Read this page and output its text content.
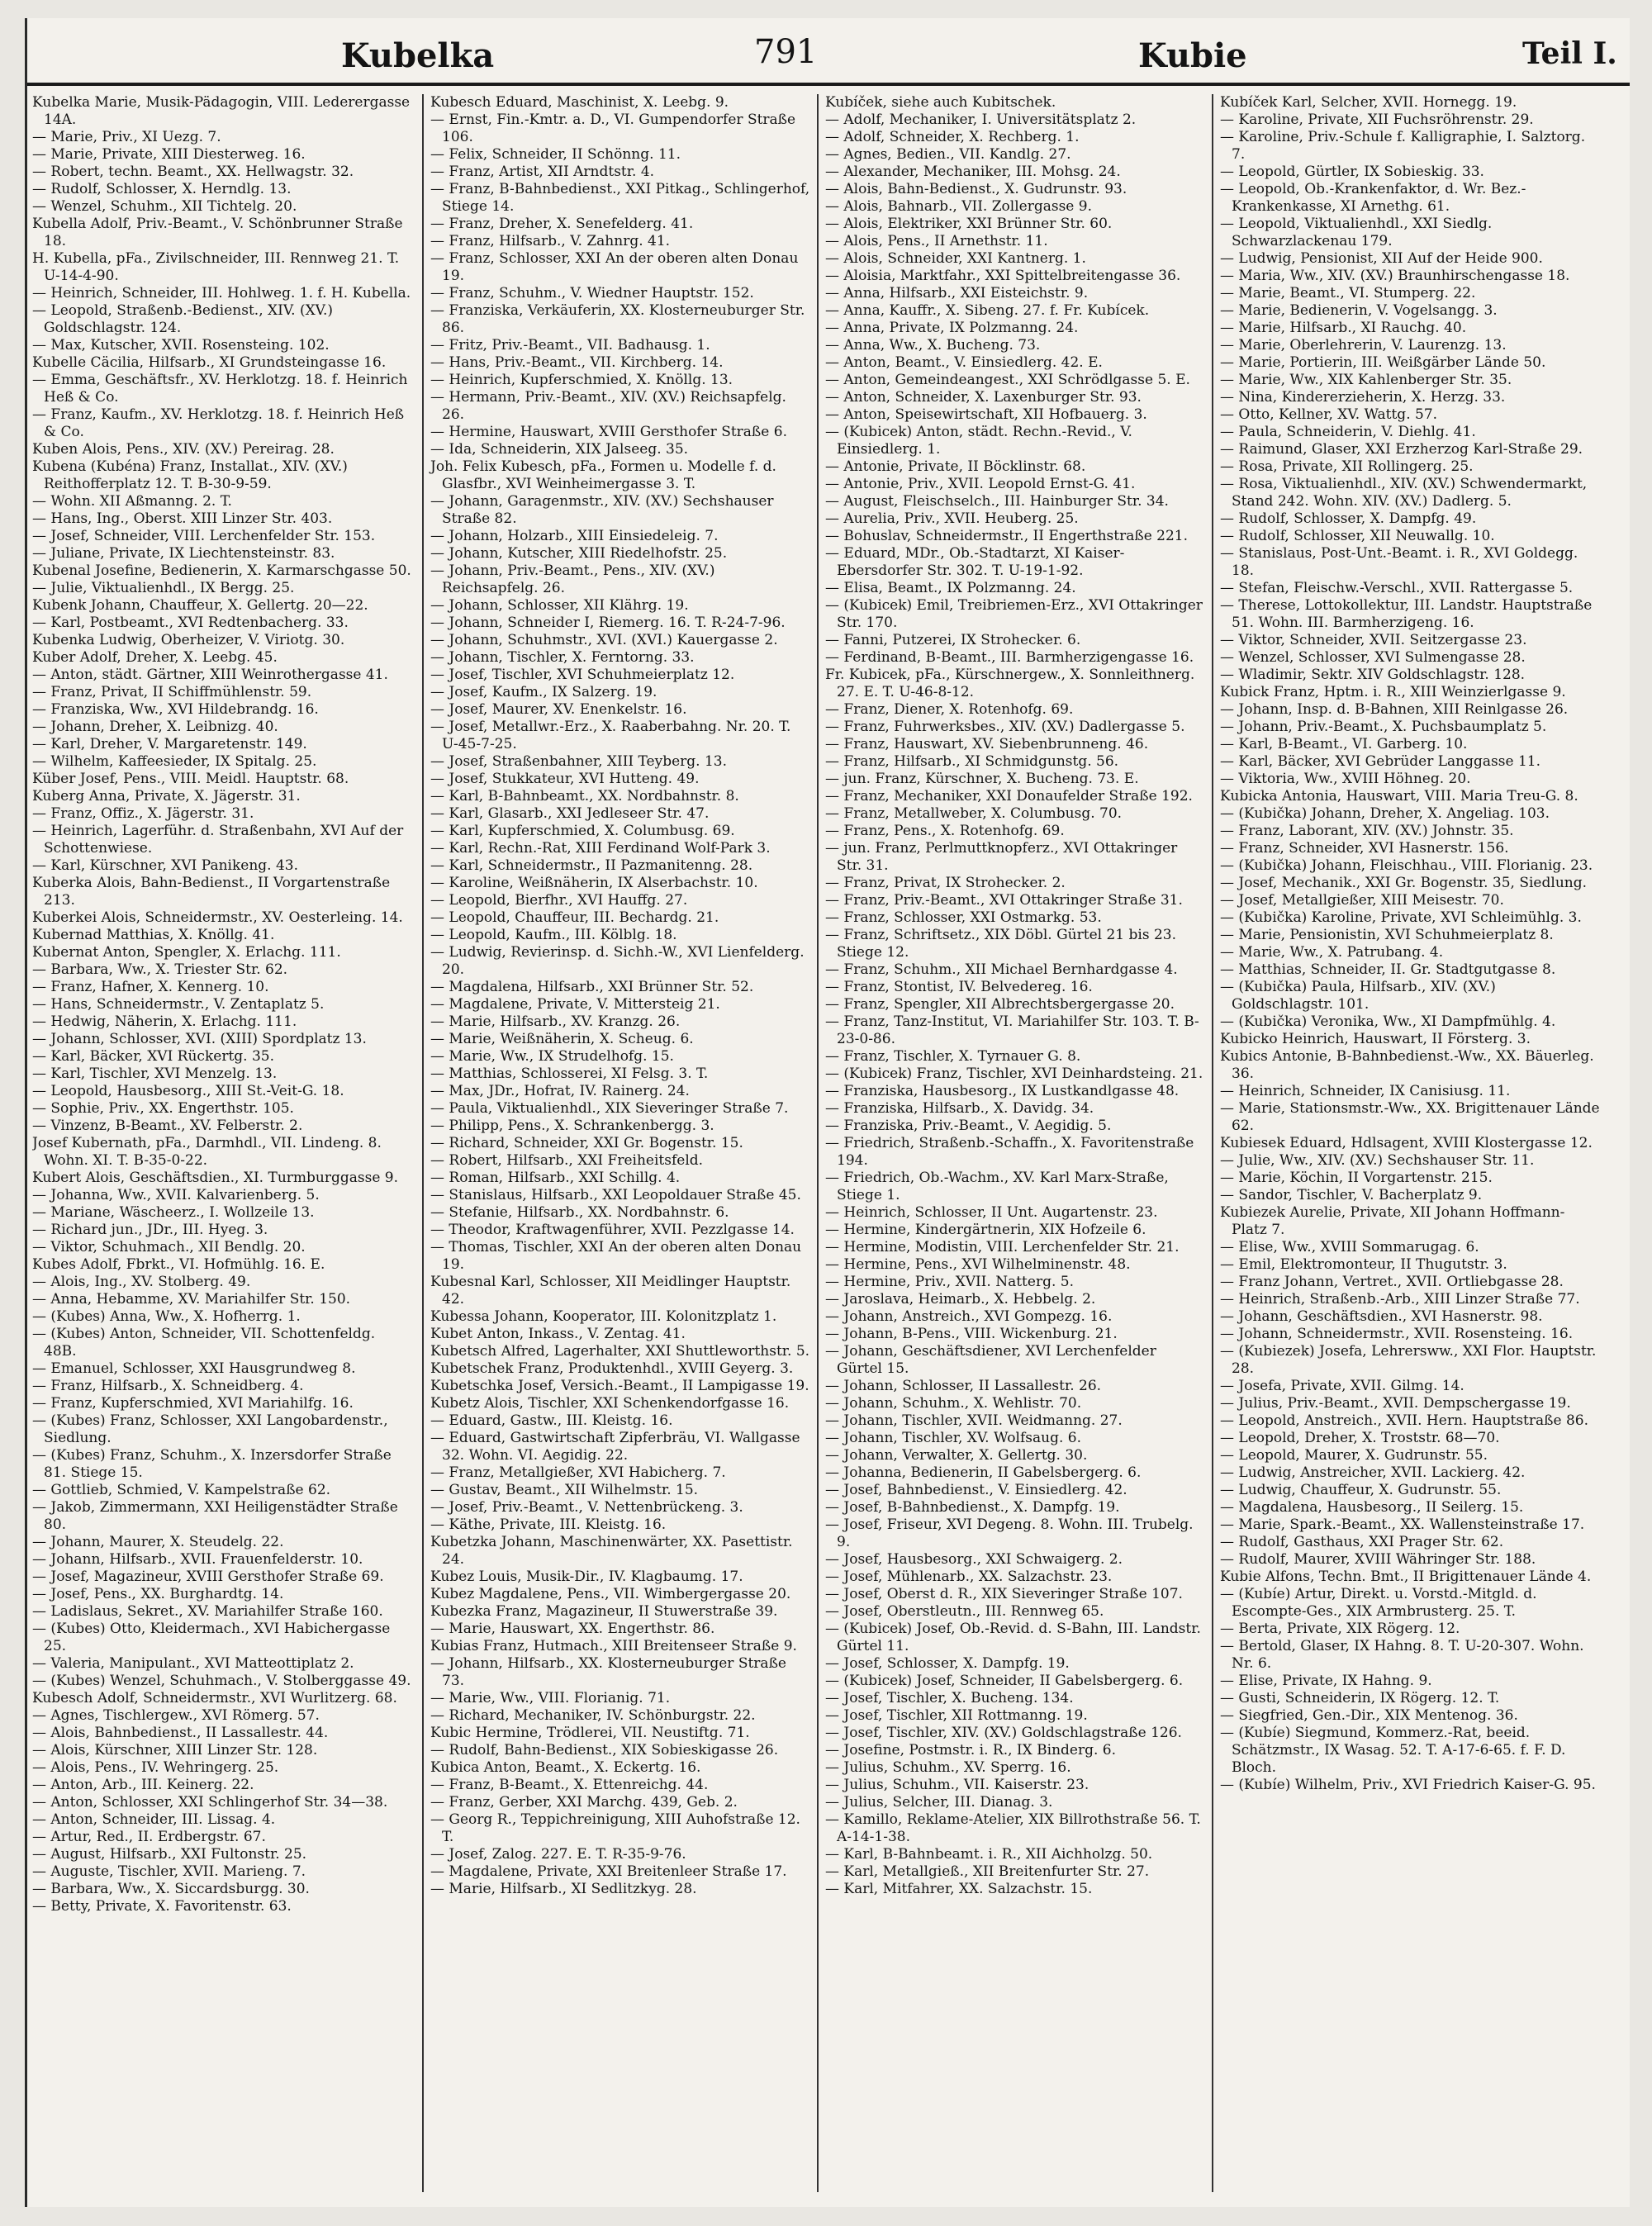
Kubelka	791	Kubie	Teil I.

Kubelka Marie, Musik-Pädagogin, VIII. Lederergasse 14A.

— Marie, Priv., XI Uezg. 7.

— Marie, Private, XIII Diesterweg. 16.

— Robert, techn. Beamt., XX. Hellwagstr. 32.

— Rudolf, Schlosser, X. Herndlg. 13.

— Wenzel, Schuhm., XII Tichtelg. 20.

Kubella Adolf, Priv.-Beamt., V. Schönbrunner Straße 18.

H. Kubella, pFa., Zivilschneider, III. Rennweg 21. T. U-14-4-90.

— Heinrich, Schneider, III. Hohlweg. 1. f. H. Kubella.

— Leopold, Straßenb.-Bedienst., XIV. (XV.) Goldschlagstr. 124.

— Max, Kutscher, XVII. Rosensteing. 102.

Kubelle Cäcilia, Hilfsarb., XI Grundsteingasse 16.

— Emma, Geschäftsfr., XV. Herklotzg. 18. f. Heinrich Heß & Co.

— Franz, Kaufm., XV. Herklotzg. 18. f. Heinrich Heß & Co.

Kuben Alois, Pens., XIV. (XV.) Pereirag. 28.

Kubena (Kubéna) Franz, Installat., XIV. (XV.) Reithofferplatz 12. T. B-30-9-59.

— Wohn. XII Aßmanng. 2. T.

— Hans, Ing., Oberst. XIII Linzer Str. 403.

— Josef, Schneider, VIII. Lerchenfelder Str. 153.

— Juliane, Private, IX Liechtensteinstr. 83.

Kubenal Josefine, Bedienerin, X. Karmarschgasse 50.

— Julie, Viktualienhdl., IX Bergg. 25.

Kubenk Johann, Chauffeur, X. Gellertg. 20—22.

— Karl, Postbeamt., XVI Redtenbacherg. 33.

Kubenka Ludwig, Oberheizer, V. Viriotg. 30.

Kuber Adolf, Dreher, X. Leebg. 45.

— Anton, städt. Gärtner, XIII Weinrothergasse 41.

— Franz, Privat, II Schiffmühlenstr. 59.

— Franziska, Ww., XVI Hildebrandg. 16.

— Johann, Dreher, X. Leibnizg. 40.

— Karl, Dreher, V. Margaretenstr. 149.

— Wilhelm, Kaffeesieder, IX Spitalg. 25.

Küber Josef, Pens., VIII. Meidl. Hauptstr. 68.

Kuberg Anna, Private, X. Jägerstr. 31.

— Franz, Offiz., X. Jägerstr. 31.

— Heinrich, Lagerführ. d. Straßenbahn, XVI Auf der Schottenwiese.

— Karl, Kürschner, XVI Panikeng. 43.

Kuberka Alois, Bahn-Bedienst., II Vorgartenstraße 213.

Kuberkei Alois, Schneidermstr., XV. Oesterleing. 14.

Kubernad Matthias, X. Knöllg. 41.

Kubernat Anton, Spengler, X. Erlachg. 111.

— Barbara, Ww., X. Triester Str. 62.

— Franz, Hafner, X. Kennerg. 10.

— Hans, Schneidermstr., V. Zentaplatz 5.

— Hedwig, Näherin, X. Erlachg. 111.

— Johann, Schlosser, XVI. (XIII) Spordplatz 13.

— Karl, Bäcker, XVI Rückertg. 35.

— Karl, Tischler, XVI Menzelg. 13.

— Leopold, Hausbesorg., XIII St.-Veit-G. 18.

— Sophie, Priv., XX. Engerthstr. 105.

— Vinzenz, B-Beamt., XV. Felberstr. 2.

Josef Kubernath, pFa., Darmhdl., VII. Lindeng. 8. Wohn. XI. T. B-35-0-22.

Kubert Alois, Geschäftsdien., XI. Turmburggasse 9.

— Johanna, Ww., XVII. Kalvarienberg. 5.

— Mariane, Wäscheerz., I. Wollzeile 13.

— Richard jun., JDr., III. Hyeg. 3.

— Viktor, Schuhmach., XII Bendlg. 20.

Kubes Adolf, Fbrkt., VI. Hofmühlg. 16. E.

— Alois, Ing., XV. Stolberg. 49.

— Anna, Hebamme, XV. Mariahilfer Str. 150.

— (Kubes) Anna, Ww., X. Hofherrg. 1.

— (Kubes) Anton, Schneider, VII. Schottenfeldg. 48B.

— Emanuel, Schlosser, XXI Hausgrundweg 8.

— Franz, Hilfsarb., X. Schneidberg. 4.

— Franz, Kupferschmied, XVI Mariahilfg. 16.

— (Kubes) Franz, Schlosser, XXI Langobardenstr., Siedlung.

— (Kubes) Franz, Schuhm., X. Inzersdorfer Straße 81. Stiege 15.

— Gottlieb, Schmied, V. Kampelstraße 62.

— Jakob, Zimmermann, XXI Heiligenstädter Straße 80.

— Johann, Maurer, X. Steudelg. 22.

— Johann, Hilfsarb., XVII. Frauenfelderstr. 10.

— Josef, Magazineur, XVIII Gersthofer Straße 69.

— Josef, Pens., XX. Burghardtg. 14.

— Ladislaus, Sekret., XV. Mariahilfer Straße 160.

— (Kubes) Otto, Kleidermach., XVI Habichergasse 25.

— Valeria, Manipulant., XVI Matteottiplatz 2.

— (Kubes) Wenzel, Schuhmach., V. Stolberggasse 49.

Kubesch Adolf, Schneidermstr., XVI Wurlitzerg. 68.

— Agnes, Tischlergew., XVI Römerg. 57.

— Alois, Bahnbedienst., II Lassallestr. 44.

— Alois, Kürschner, XIII Linzer Str. 128.

— Alois, Pens., IV. Wehringerg. 25.

— Anton, Arb., III. Keinerg. 22.

— Anton, Schlosser, XXI Schlingerhof Str. 34—38.

— Anton, Schneider, III. Lissag. 4.

— Artur, Red., II. Erdbergstr. 67.

— August, Hilfsarb., XXI Fultonstr. 25.

— Auguste, Tischler, XVII. Marieng. 7.

— Barbara, Ww., X. Siccardsburgg. 30.

— Betty, Private, X. Favoritenstr. 63.

Kubesch Eduard, Maschinist, X. Leebg. 9.

— Ernst, Fin.-Kmtr. a. D., VI. Gumpendorfer Straße 106.

— Felix, Schneider, II Schönng. 11.

— Franz, Artist, XII Arndtstr. 4.

— Franz, B-Bahnbedienst., XXI Pitkag., Schlingerhof, Stiege 14.

— Franz, Dreher, X. Senefelderg. 41.

— Franz, Hilfsarb., V. Zahnrg. 41.

— Franz, Schlosser, XXI An der oberen alten Donau 19.

— Franz, Schuhm., V. Wiedner Hauptstr. 152.

— Franziska, Verkäuferin, XX. Klosterneuburger Str. 86.

— Fritz, Priv.-Beamt., VII. Badhausg. 1.

— Hans, Priv.-Beamt., VII. Kirchberg. 14.

— Heinrich, Kupferschmied, X. Knöllg. 13.

— Hermann, Priv.-Beamt., XIV. (XV.) Reichsapfelg. 26.

— Hermine, Hauswart, XVIII Gersthofer Straße 6.

— Ida, Schneiderin, XIX Jalseeg. 35.

Joh. Felix Kubesch, pFa., Formen u. Modelle f. d. Glasfbr., XVI Weinheimergasse 3. T.

— Johann, Garagenmstr., XIV. (XV.) Sechshauser Straße 82.

— Johann, Holzarb., XIII Einsiedeleig. 7.

— Johann, Kutscher, XIII Riedelhofstr. 25.

— Johann, Priv.-Beamt., Pens., XIV. (XV.) Reichsapfelg. 26.

— Johann, Schlosser, XII Klährg. 19.

— Johann, Schneider I, Riemerg. 16. T. R-24-7-96.

— Johann, Schuhmstr., XVI. (XVI.) Kauergasse 2.

— Johann, Tischler, X. Ferntorng. 33.

— Josef, Tischler, XVI Schuhmeierplatz 12.

— Josef, Kaufm., IX Salzerg. 19.

— Josef, Maurer, XV. Enenkelstr. 16.

— Josef, Metallwr.-Erz., X. Raaberbahng. Nr. 20. T. U-45-7-25.

— Josef, Straßenbahner, XIII Teyberg. 13.

— Josef, Stukkateur, XVI Hutteng. 49.

— Karl, B-Bahnbeamt., XX. Nordbahnstr. 8.

— Karl, Glasarb., XXI Jedleseer Str. 47.

— Karl, Kupferschmied, X. Columbusg. 69.

— Karl, Rechn.-Rat, XIII Ferdinand Wolf-Park 3.

— Karl, Schneidermstr., II Pazmanitenng. 28.

— Karoline, Weißnäherin, IX Alserbachstr. 10.

— Leopold, Bierfhr., XVI Hauffg. 27.

— Leopold, Chauffeur, III. Bechardg. 21.

— Leopold, Kaufm., III. Kölblg. 18.

— Ludwig, Revierinsp. d. Sichh.-W., XVI Lienfelderg. 20.

— Magdalena, Hilfsarb., XXI Brünner Str. 52.

— Magdalene, Private, V. Mittersteig 21.

— Marie, Hilfsarb., XV. Kranzg. 26.

— Marie, Weißnäherin, X. Scheug. 6.

— Marie, Ww., IX Strudelhofg. 15.

— Matthias, Schlosserei, XI Felsg. 3. T.

— Max, JDr., Hofrat, IV. Rainerg. 24.

— Paula, Viktualienhdl., XIX Sieveringer Straße 7.

— Philipp, Pens., X. Schrankenbergg. 3.

— Richard, Schneider, XXI Gr. Bogenstr. 15.

— Robert, Hilfsarb., XXI Freiheitsfeld.

— Roman, Hilfsarb., XXI Schillg. 4.

— Stanislaus, Hilfsarb., XXI Leopoldauer Straße 45.

— Stefanie, Hilfsarb., XX. Nordbahnstr. 6.

— Theodor, Kraftwagenführer, XVII. Pezzlgasse 14.

— Thomas, Tischler, XXI An der oberen alten Donau 19.

Kubesnal Karl, Schlosser, XII Meidlinger Hauptstr. 42.

Kubessa Johann, Kooperator, III. Kolonitzplatz 1.

Kubet Anton, Inkass., V. Zentag. 41.

Kubetsch Alfred, Lagerhalter, XXI Shuttleworthstr. 5.

Kubetschek Franz, Produktenhdl., XVIII Geyerg. 3.

Kubetschka Josef, Versich.-Beamt., II Lampigasse 19.

Kubetz Alois, Tischler, XXI Schenkendorfgasse 16.

— Eduard, Gastw., III. Kleistg. 16.

— Eduard, Gastwirtschaft Zipferbräu, VI. Wallgasse 32. Wohn. VI. Aegidig. 22.

— Franz, Metallgießer, XVI Habicherg. 7.

— Gustav, Beamt., XII Wilhelmstr. 15.

— Josef, Priv.-Beamt., V. Nettenbrückeng. 3.

— Käthe, Private, III. Kleistg. 16.

Kubetzka Johann, Maschinenwärter, XX. Pasettistr. 24.

Kubez Louis, Musik-Dir., IV. Klagbaumg. 17.

Kubez Magdalene, Pens., VII. Wimbergergasse 20.

Kubezka Franz, Magazineur, II Stuwerstraße 39.

— Marie, Hauswart, XX. Engerthstr. 86.

Kubias Franz, Hutmach., XIII Breitenseer Straße 9.

— Johann, Hilfsarb., XX. Klosterneuburger Straße 73.

— Marie, Ww., VIII. Florianig. 71.

— Richard, Mechaniker, IV. Schönburgstr. 22.

Kubic Hermine, Trödlerei, VII. Neustiftg. 71.

— Rudolf, Bahn-Bedienst., XIX Sobieskigasse 26.

Kubica Anton, Beamt., X. Eckertg. 16.

— Franz, B-Beamt., X. Ettenreichg. 44.

— Franz, Gerber, XXI Marchg. 439, Geb. 2.

— Georg R., Teppichreinigung, XIII Auhofstraße 12. T.

— Josef, Zalog. 227. E. T. R-35-9-76.

— Magdalene, Private, XXI Breitenleer Straße 17.

— Marie, Hilfsarb., XI Sedlitzkyg. 28.

Kubíček, siehe auch Kubitschek.

— Adolf, Mechaniker, I. Universitätsplatz 2.

— Adolf, Schneider, X. Rechberg. 1.

— Agnes, Bedien., VII. Kandlg. 27.

— Alexander, Mechaniker, III. Mohsg. 24.

— Alois, Bahn-Bedienst., X. Gudrunstr. 93.

— Alois, Bahnarb., VII. Zollergasse 9.

— Alois, Elektriker, XXI Brünner Str. 60.

— Alois, Pens., II Arnethstr. 11.

— Alois, Schneider, XXI Kantnerg. 1.

— Aloisia, Marktfahr., XXI Spittelbreitengasse 36.

— Anna, Hilfsarb., XXI Eisteichstr. 9.

— Anna, Kauffr., X. Sibeng. 27. f. Fr. Kubícek.

— Anna, Private, IX Polzmanng. 24.

— Anna, Ww., X. Bucheng. 73.

— Anton, Beamt., V. Einsiedlerg. 42. E.

— Anton, Gemeindeangest., XXI Schrödlgasse 5. E.

— Anton, Schneider, X. Laxenburger Str. 93.

— Anton, Speisewirtschaft, XII Hofbauerg. 3.

— (Kubicek) Anton, städt. Rechn.-Revid., V. Einsiedlerg. 1.

— Antonie, Private, II Böcklinstr. 68.

— Antonie, Priv., XVII. Leopold Ernst-G. 41.

— August, Fleischselch., III. Hainburger Str. 34.

— Aurelia, Priv., XVII. Heuberg. 25.

— Bohuslav, Schneidermstr., II Engerthstraße 221.

— Eduard, MDr., Ob.-Stadtarzt, XI Kaiser-Ebersdorfer Str. 302. T. U-19-1-92.

— Elisa, Beamt., IX Polzmanng. 24.

— (Kubicek) Emil, Treibriemen-Erz., XVI Ottakringer Str. 170.

— Fanni, Putzerei, IX Strohecker. 6.

— Ferdinand, B-Beamt., III. Barmherzigengasse 16.

Fr. Kubicek, pFa., Kürschnergew., X. Sonnleithnerg. 27. E. T. U-46-8-12.

— Franz, Diener, X. Rotenhofg. 69.

— Franz, Fuhrwerksbes., XIV. (XV.) Dadlergasse 5.

— Franz, Hauswart, XV. Siebenbrunneng. 46.

— Franz, Hilfsarb., XI Schmidgunstg. 56.

— jun. Franz, Kürschner, X. Bucheng. 73. E.

— Franz, Mechaniker, XXI Donaufelder Straße 192.

— Franz, Metallweber, X. Columbusg. 70.

— Franz, Pens., X. Rotenhofg. 69.

— jun. Franz, Perlmuttknopferz., XVI Ottakringer Str. 31.

— Franz, Privat, IX Strohecker. 2.

— Franz, Priv.-Beamt., XVI Ottakringer Straße 31.

— Franz, Schlosser, XXI Ostmarkg. 53.

— Franz, Schriftsetz., XIX Döbl. Gürtel 21 bis 23. Stiege 12.

— Franz, Schuhm., XII Michael Bernhardgasse 4.

— Franz, Stontist, IV. Belvedereg. 16.

— Franz, Spengler, XII Albrechtsbergergasse 20.

— Franz, Tanz-Institut, VI. Mariahilfer Str. 103. T. B-23-0-86.

— Franz, Tischler, X. Tyrnauer G. 8.

— (Kubicek) Franz, Tischler, XVI Deinhardsteing. 21.

— Franziska, Hausbesorg., IX Lustkandlgasse 48.

— Franziska, Hilfsarb., X. Davidg. 34.

— Franziska, Priv.-Beamt., V. Aegidig. 5.

— Friedrich, Straßenb.-Schaffn., X. Favoritenstraße 194.

— Friedrich, Ob.-Wachm., XV. Karl Marx-Straße, Stiege 1.

— Heinrich, Schlosser, II Unt. Augartenstr. 23.

— Hermine, Kindergärtnerin, XIX Hofzeile 6.

— Hermine, Modistin, VIII. Lerchenfelder Str. 21.

— Hermine, Pens., XVI Wilhelminenstr. 48.

— Hermine, Priv., XVII. Natterg. 5.

— Jaroslava, Heimarb., X. Hebbelg. 2.

— Johann, Anstreich., XVI Gompezg. 16.

— Johann, B-Pens., VIII. Wickenburg. 21.

— Johann, Geschäftsdiener, XVI Lerchenfelder Gürtel 15.

— Johann, Schlosser, II Lassallestr. 26.

— Johann, Schuhm., X. Wehlistr. 70.

— Johann, Tischler, XVII. Weidmanng. 27.

— Johann, Tischler, XV. Wolfsaug. 6.

— Johann, Verwalter, X. Gellertg. 30.

— Johanna, Bedienerin, II Gabelsbergerg. 6.

— Josef, Bahnbedienst., V. Einsiedlerg. 42.

— Josef, B-Bahnbedienst., X. Dampfg. 19.

— Josef, Friseur, XVI Degeng. 8. Wohn. III. Trubelg. 9.

— Josef, Hausbesorg., XXI Schwaigerg. 2.

— Josef, Mühlenarb., XX. Salzachstr. 23.

— Josef, Oberst d. R., XIX Sieveringer Straße 107.

— Josef, Oberstleutn., III. Rennweg 65.

— (Kubicek) Josef, Ob.-Revid. d. S-Bahn, III. Landstr. Gürtel 11.

— Josef, Schlosser, X. Dampfg. 19.

— (Kubicek) Josef, Schneider, II Gabelsbergerg. 6.

— Josef, Tischler, X. Bucheng. 134.

— Josef, Tischler, XII Rottmanng. 19.

— Josef, Tischler, XIV. (XV.) Goldschlagstraße 126.

— Josefine, Postmstr. i. R., IX Binderg. 6.

— Julius, Schuhm., XV. Sperrg. 16.

— Julius, Schuhm., VII. Kaiserstr. 23.

— Julius, Selcher, III. Dianag. 3.

— Kamillo, Reklame-Atelier, XIX Billrothstraße 56. T. A-14-1-38.

— Karl, B-Bahnbeamt. i. R., XII Aichholzg. 50.

— Karl, Metallgieß., XII Breitenfurter Str. 27.

— Karl, Mitfahrer, XX. Salzachstr. 15.

Kubíček Karl, Selcher, XVII. Hornegg. 19.

— Karoline, Private, XII Fuchsröhrenstr. 29.

— Karoline, Priv.-Schule f. Kalligraphie, I. Salztorg. 7.

— Leopold, Gürtler, IX Sobieskig. 33.

— Leopold, Ob.-Krankenfaktor, d. Wr. Bez.-Krankenkasse, XI Arnethg. 61.

— Leopold, Viktualienhdl., XXI Siedlg. Schwarzlackenau 179.

— Ludwig, Pensionist, XII Auf der Heide 900.

— Maria, Ww., XIV. (XV.) Braunhirschengasse 18.

— Marie, Beamt., VI. Stumperg. 22.

— Marie, Bedienerin, V. Vogelsangg. 3.

— Marie, Hilfsarb., XI Rauchg. 40.

— Marie, Oberlehrerin, V. Laurenzg. 13.

— Marie, Portierin, III. Weißgärber Lände 50.

— Marie, Ww., XIX Kahlenberger Str. 35.

— Nina, Kindererzieherin, X. Herzg. 33.

— Otto, Kellner, XV. Wattg. 57.

— Paula, Schneiderin, V. Diehlg. 41.

— Raimund, Glaser, XXI Erzherzog Karl-Straße 29.

— Rosa, Private, XII Rollingerg. 25.

— Rosa, Viktualienhdl., XIV. (XV.) Schwendermarkt, Stand 242. Wohn. XIV. (XV.) Dadlerg. 5.

— Rudolf, Schlosser, X. Dampfg. 49.

— Rudolf, Schlosser, XII Neuwallg. 10.

— Stanislaus, Post-Unt.-Beamt. i. R., XVI Goldegg. 18.

— Stefan, Fleischw.-Verschl., XVII. Rattergasse 5.

— Therese, Lottokollektur, III. Landstr. Hauptstraße 51. Wohn. III. Barmherzigeng. 16.

— Viktor, Schneider, XVII. Seitzergasse 23.

— Wenzel, Schlosser, XVI Sulmengasse 28.

— Wladimir, Sektr. XIV Goldschlagstr. 128.

Kubick Franz, Hptm. i. R., XIII Weinzierlgasse 9.

— Johann, Insp. d. B-Bahnen, XIII Reinlgasse 26.

— Johann, Priv.-Beamt., X. Puchsbaumplatz 5.

— Karl, B-Beamt., VI. Garberg. 10.

— Karl, Bäcker, XVI Gebrüder Langgasse 11.

— Viktoria, Ww., XVIII Höhneg. 20.

Kubicka Antonia, Hauswart, VIII. Maria Treu-G. 8.

— (Kubička) Johann, Dreher, X. Angeliag. 103.

— Franz, Laborant, XIV. (XV.) Johnstr. 35.

— Franz, Schneider, XVI Hasnerstr. 156.

— (Kubička) Johann, Fleischhau., VIII. Florianig. 23.

— Josef, Mechanik., XXI Gr. Bogenstr. 35, Siedlung.

— Josef, Metallgießer, XIII Meisestr. 70.

— (Kubička) Karoline, Private, XVI Schleimühlg. 3.

— Marie, Pensionistin, XVI Schuhmeierplatz 8.

— Marie, Ww., X. Patrubang. 4.

— Matthias, Schneider, II. Gr. Stadtgutgasse 8.

— (Kubička) Paula, Hilfsarb., XIV. (XV.) Goldschlagstr. 101.

— (Kubička) Veronika, Ww., XI Dampfmühlg. 4.

Kubicko Heinrich, Hauswart, II Försterg. 3.

Kubics Antonie, B-Bahnbedienst.-Ww., XX. Bäuerleg. 36.

— Heinrich, Schneider, IX Canisiusg. 11.

— Marie, Stationsmstr.-Ww., XX. Brigittenauer Lände 62.

Kubiesek Eduard, Hdlsagent, XVIII Klostergasse 12.

— Julie, Ww., XIV. (XV.) Sechshauser Str. 11.

— Marie, Köchin, II Vorgartenstr. 215.

— Sandor, Tischler, V. Bacherplatz 9.

Kubiezek Aurelie, Private, XII Johann Hoffmann-Platz 7.

— Elise, Ww., XVIII Sommarugag. 6.

— Emil, Elektromonteur, II Thugutstr. 3.

— Franz Johann, Vertret., XVII. Ortliebgasse 28.

— Heinrich, Straßenb.-Arb., XIII Linzer Straße 77.

— Johann, Geschäftsdien., XVI Hasnerstr. 98.

— Johann, Schneidermstr., XVII. Rosensteing. 16.

— (Kubiezek) Josefa, Lehrersww., XXI Flor. Hauptstr. 28.

— Josefa, Private, XVII. Gilmg. 14.

— Julius, Priv.-Beamt., XVII. Dempschergasse 19.

— Leopold, Anstreich., XVII. Hern. Hauptstraße 86.

— Leopold, Dreher, X. Troststr. 68—70.

— Leopold, Maurer, X. Gudrunstr. 55.

— Ludwig, Anstreicher, XVII. Lackierg. 42.

— Ludwig, Chauffeur, X. Gudrunstr. 55.

— Magdalena, Hausbesorg., II Seilerg. 15.

— Marie, Spark.-Beamt., XX. Wallensteinstraße 17.

— Rudolf, Gasthaus, XXI Prager Str. 62.

— Rudolf, Maurer, XVIII Währinger Str. 188.

Kubie Alfons, Techn. Bmt., II Brigittenauer Lände 4.

— (Kubíe) Artur, Direkt. u. Vorstd.-Mitgld. d. Escompte-Ges., XIX Armbrusterg. 25. T.

— Berta, Private, XIX Rögerg. 12.

— Bertold, Glaser, IX Hahng. 8. T. U-20-307. Wohn. Nr. 6.

— Elise, Private, IX Hahng. 9.

— Gusti, Schneiderin, IX Rögerg. 12. T.

— Siegfried, Gen.-Dir., XIX Mentenog. 36.

— (Kubíe) Siegmund, Kommerz.-Rat, beeid. Schätzmstr., IX Wasag. 52. T. A-17-6-65. f. F. D. Bloch.

— (Kubíe) Wilhelm, Priv., XVI Friedrich Kaiser-G. 95.
